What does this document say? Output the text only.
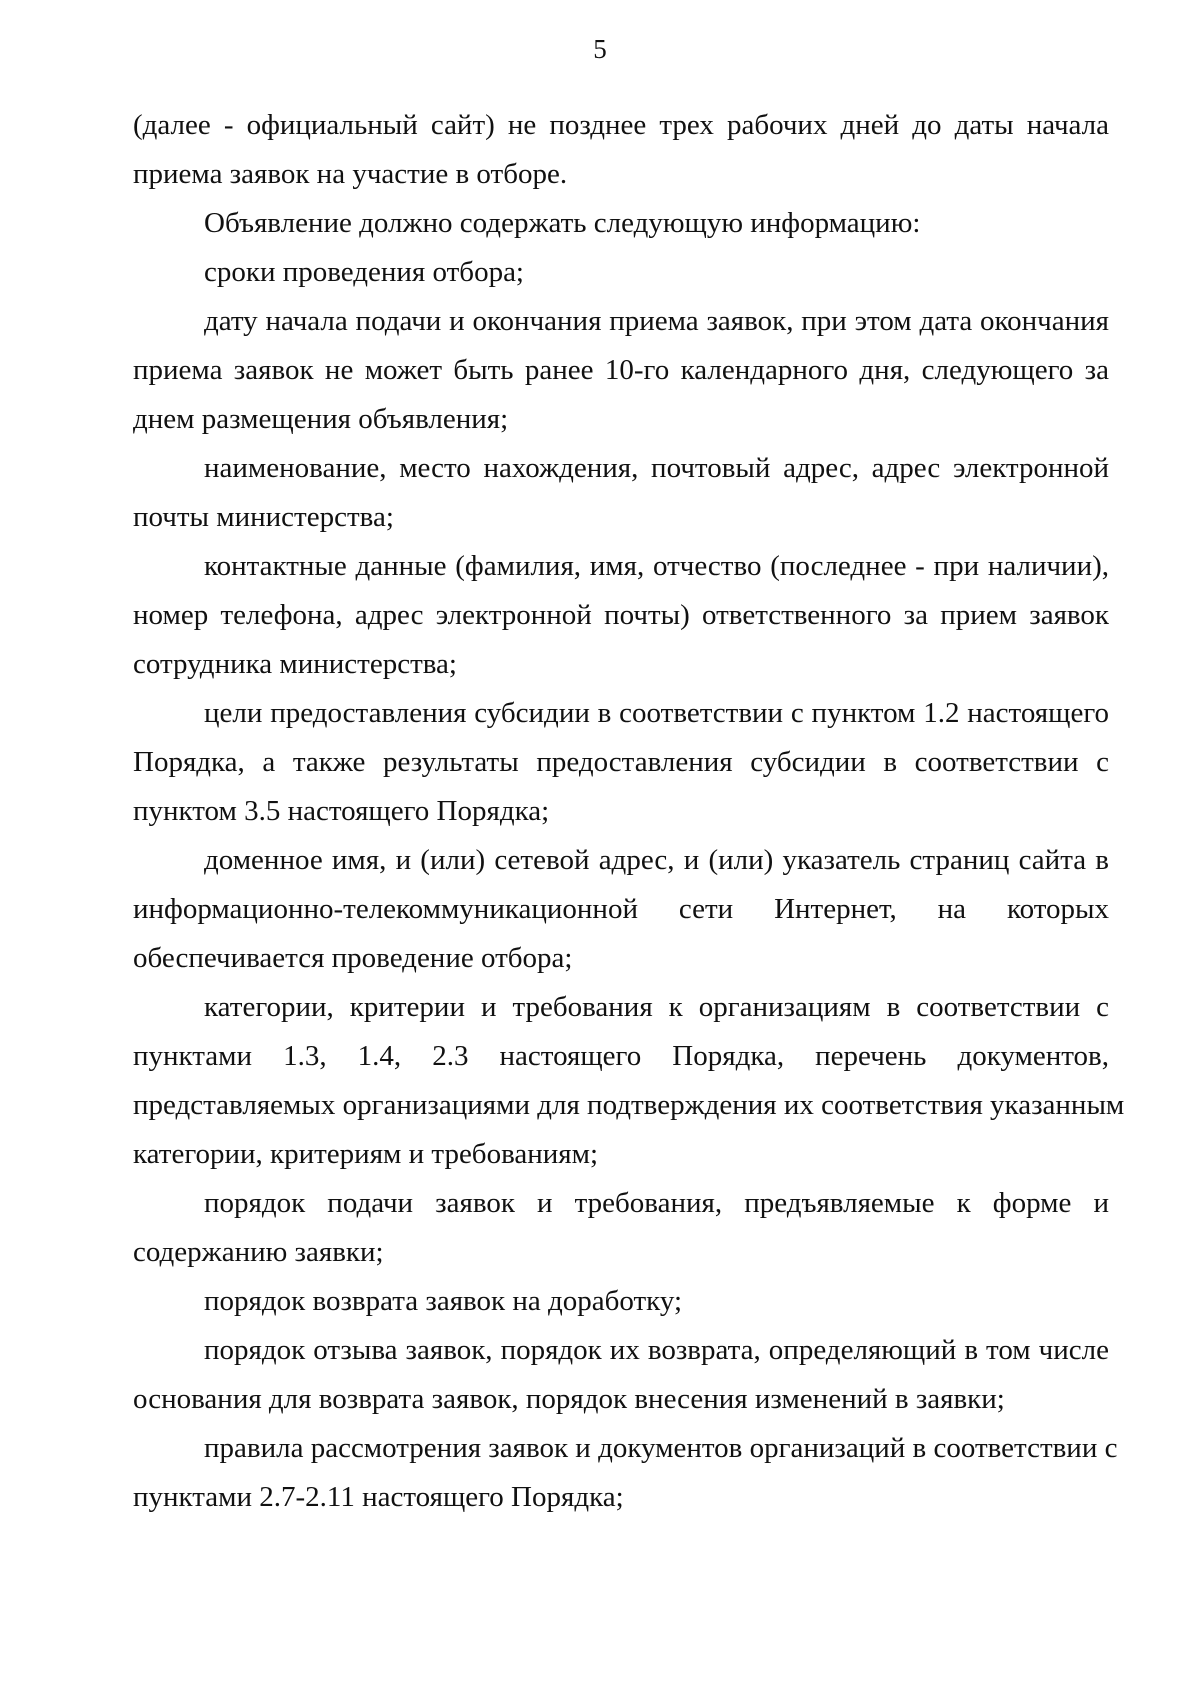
5
(далее - официальный сайт) не позднее трех рабочих дней до даты начала
приема заявок на участие в отборе.
Объявление должно содержать следующую информацию:
сроки проведения отбора;
дату начала подачи и окончания приема заявок, при этом дата окончания
приема заявок не может быть ранее 10-го календарного дня, следующего за
днем размещения объявления;
наименование, место нахождения, почтовый адрес, адрес электронной
почты министерства;
контактные данные (фамилия, имя, отчество (последнее - при наличии),
номер телефона, адрес электронной почты) ответственного за прием заявок
сотрудника министерства;
цели предоставления субсидии в соответствии с пунктом 1.2 настоящего
Порядка, а также результаты предоставления субсидии в соответствии с
пунктом 3.5 настоящего Порядка;
доменное имя, и (или) сетевой адрес, и (или) указатель страниц сайта в
информационно-телекоммуникационной сети Интернет, на которых
обеспечивается проведение отбора;
категории, критерии и требования к организациям в соответствии с
пунктами 1.3, 1.4, 2.3 настоящего Порядка, перечень документов,
представляемых организациями для подтверждения их соответствия указанным
категории, критериям и требованиям;
порядок подачи заявок и требования, предъявляемые к форме и
содержанию заявки;
порядок возврата заявок на доработку;
порядок отзыва заявок, порядок их возврата, определяющий в том числе
основания для возврата заявок, порядок внесения изменений в заявки;
правила рассмотрения заявок и документов организаций в соответствии с
пунктами 2.7-2.11 настоящего Порядка;
